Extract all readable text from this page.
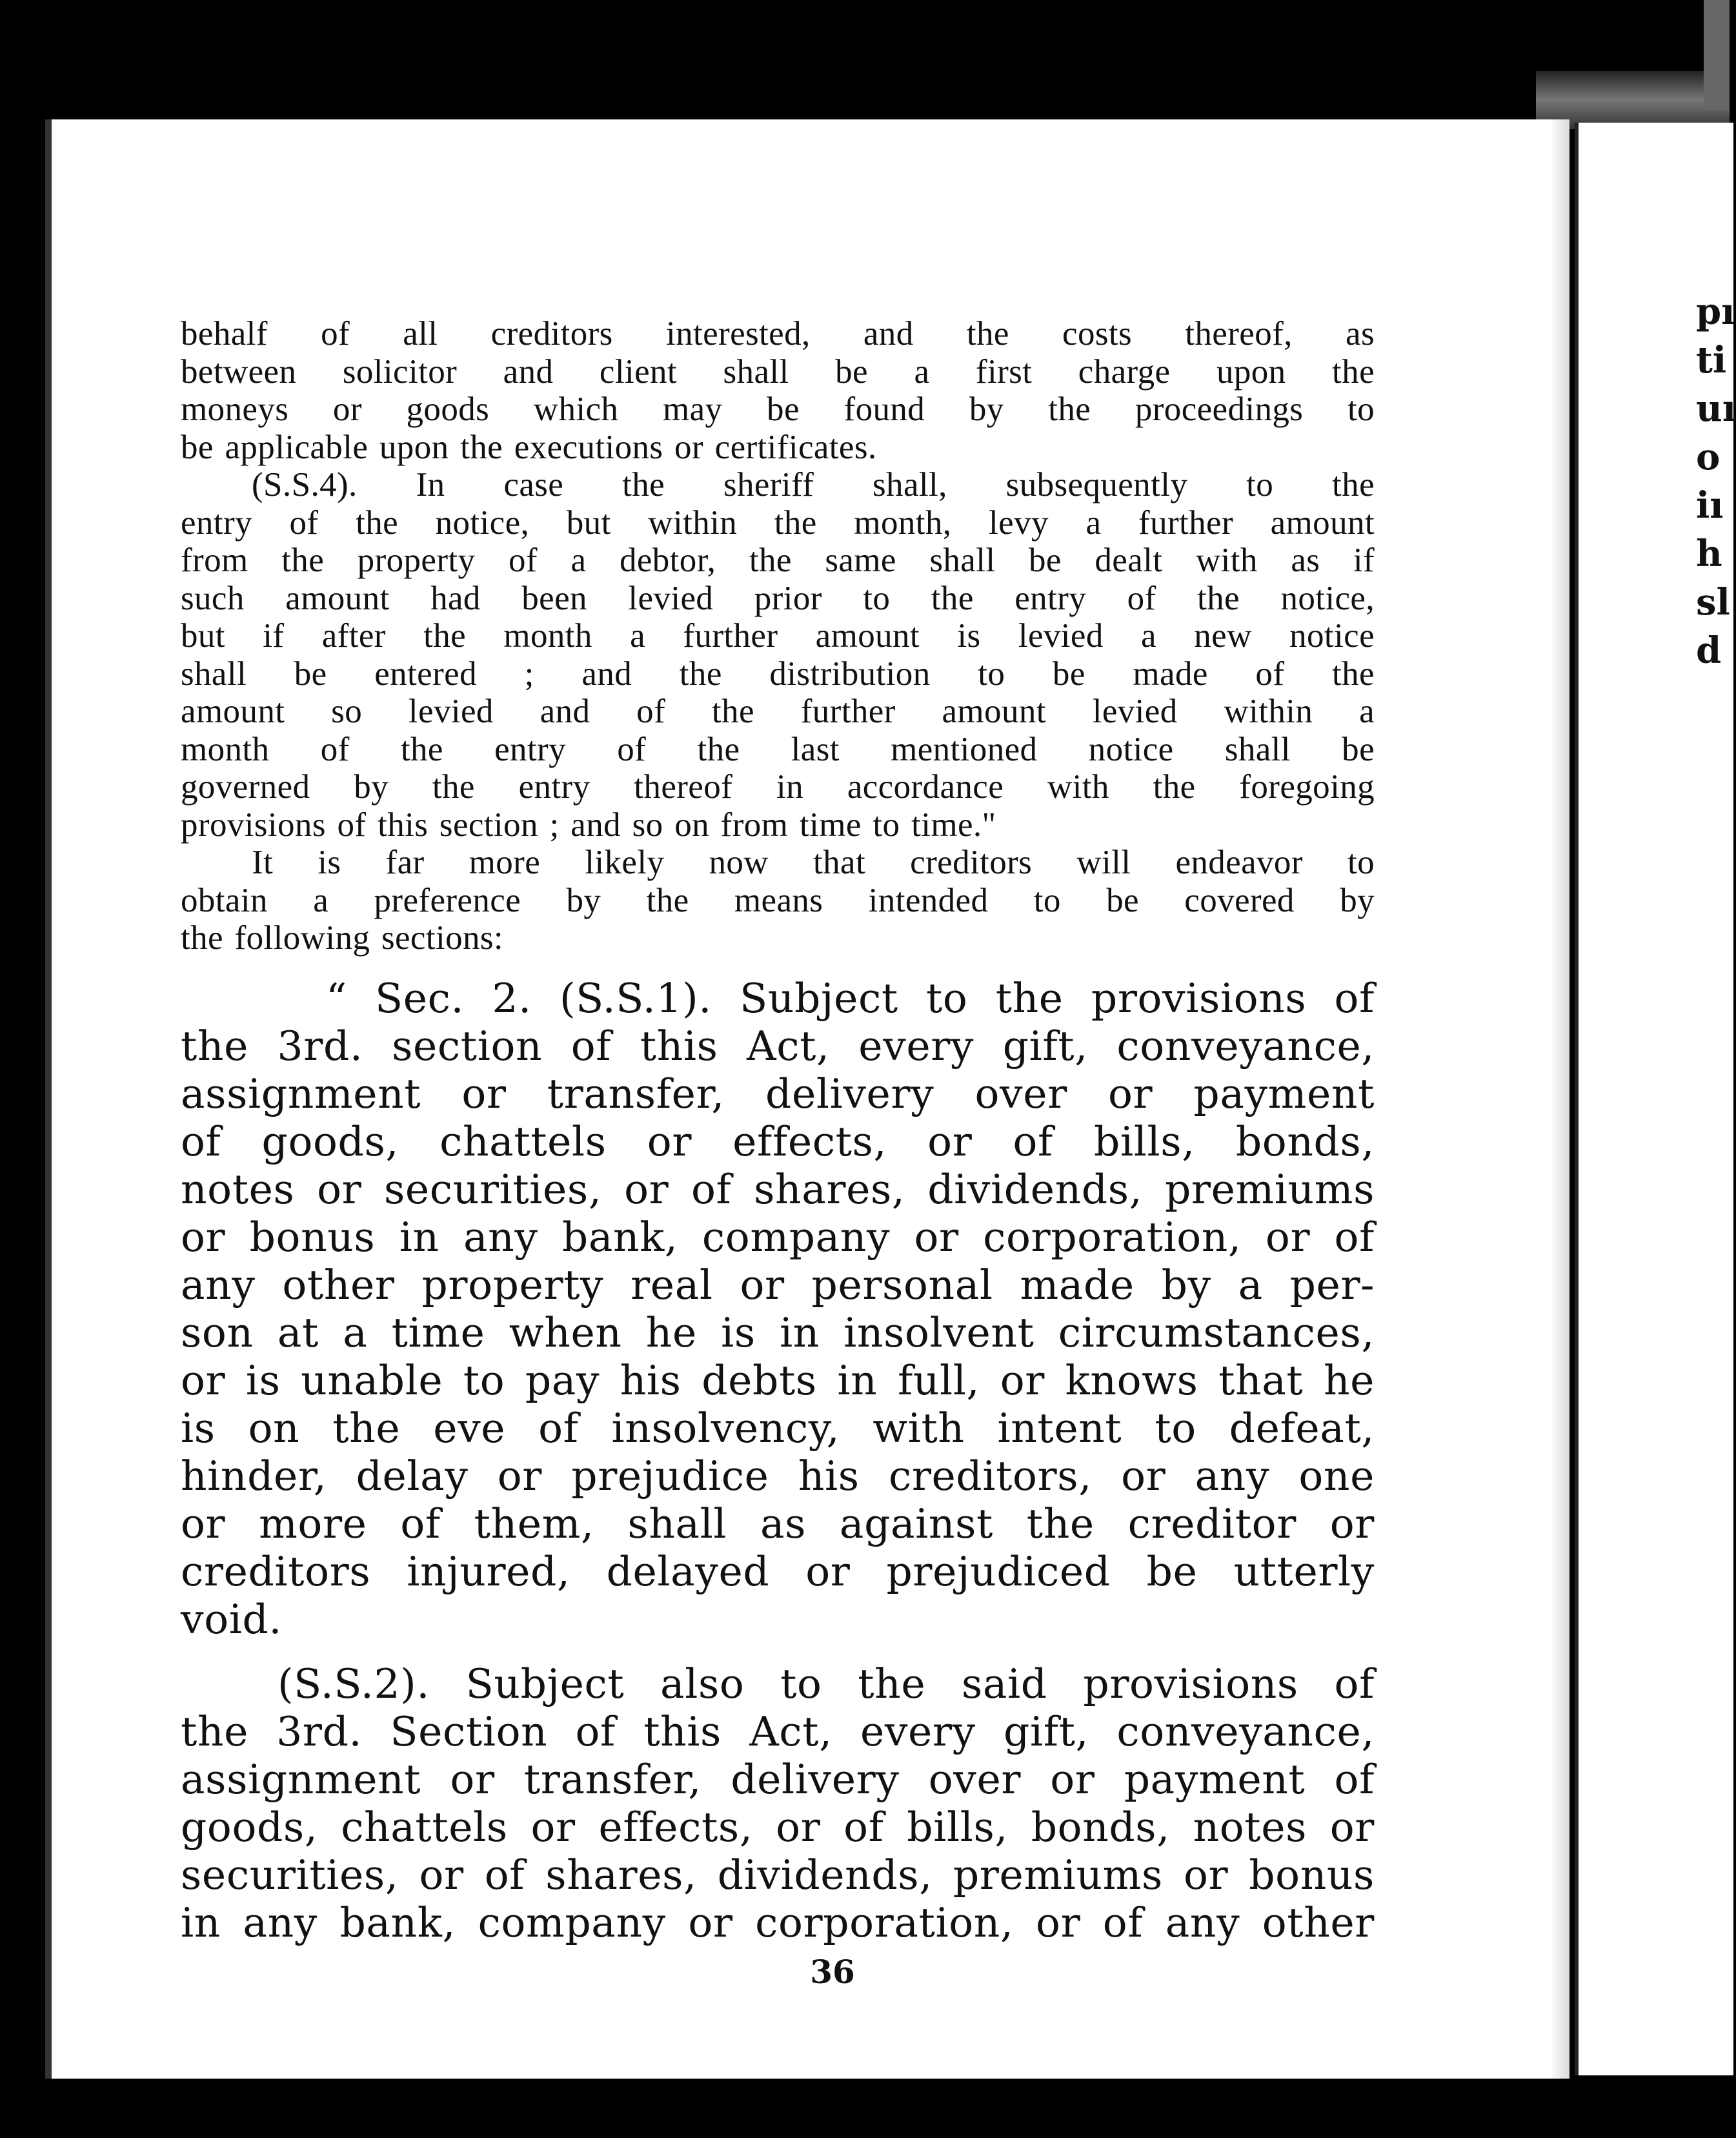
behalf of all creditors interested, and the costs thereof, as

between solicitor and client shall be a first charge upon the

moneys or goods which may be found by the proceedings to

be applicable upon the executions or certificates.

(S.S.4). In case the sheriff shall, subsequently to the

entry of the notice, but within the month, levy a further amount

from the property of a debtor, the same shall be dealt with as if

such amount had been levied prior to the entry of the notice,

but if after the month a further amount is levied a new notice

shall be entered ; and the distribution to be made of the

amount so levied and of the further amount levied within a

month of the entry of the last mentioned notice shall be

governed by the entry thereof in accordance with the foregoing

provisions of this section ; and so on from time to time."

It is far more likely now that creditors will endeavor to

obtain a preference by the means intended to be covered by

the following sections:

“ Sec. 2. (S.S.1). Subject to the provisions of

the 3rd. section of this Act, every gift, conveyance,

assignment or transfer, delivery over or payment

of goods, chattels or effects, or of bills, bonds,

notes or securities, or of shares, dividends, premiums

or bonus in any bank, company or corporation, or of

any other property real or personal made by a per-

son at a time when he is in insolvent circumstances,

or is unable to pay his debts in full, or knows that he

is on the eve of insolvency, with intent to defeat,

hinder, delay or prejudice his creditors, or any one

or more of them, shall as against the creditor or

creditors injured, delayed or prejudiced be utterly

void.

(S.S.2). Subject also to the said provisions of

the 3rd. Section of this Act, every gift, conveyance,

assignment or transfer, delivery over or payment of

goods, chattels or effects, or of bills, bonds, notes or

securities, or of shares, dividends, premiums or bonus

in any bank, company or corporation, or of any other

36
pı
ti
uı
o
iı
h
sl
d
